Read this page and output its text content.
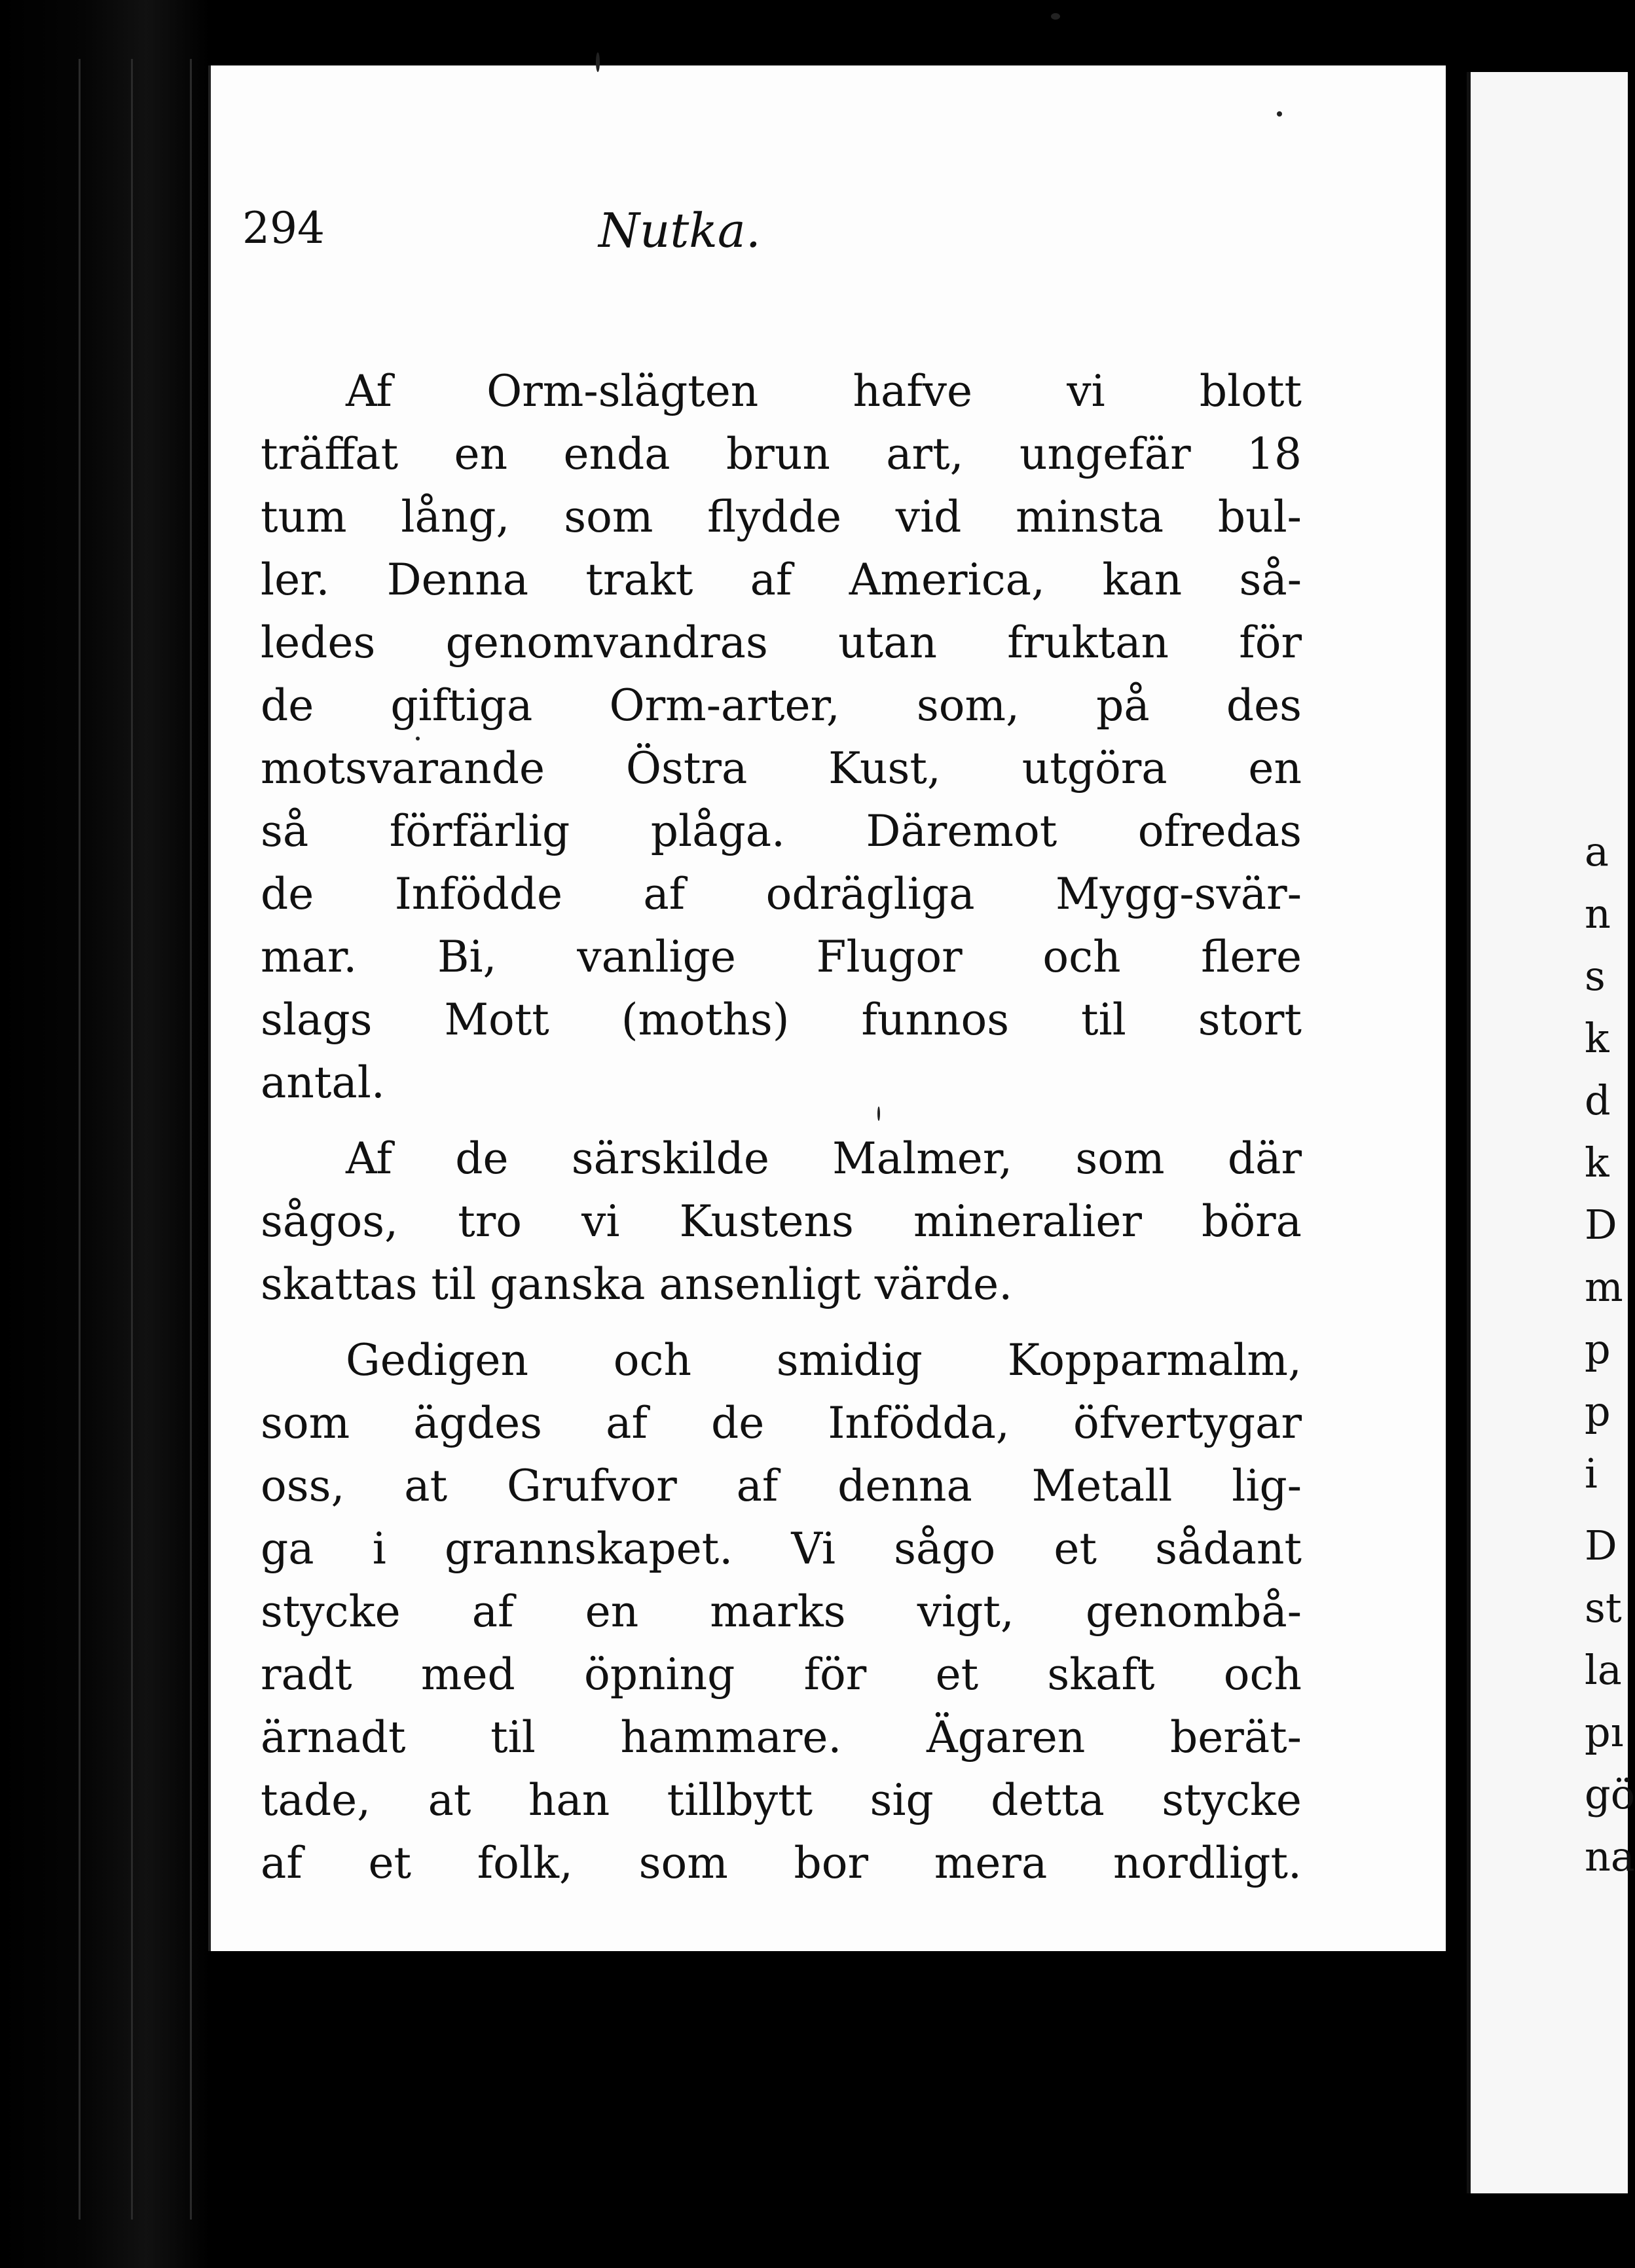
294	Nutka.
Af Orm-slägten hafve vi blott
träffat en enda brun art, ungefär 18
tum lång, som flydde vid minsta bul-
ler. Denna trakt af America, kan så-
ledes genomvandras utan fruktan för
de giftiga Orm-arter, som, på des
motsvarande Östra Kust, utgöra en
så förfärlig plåga. Däremot ofredas
de Infödde af odrägliga Mygg-svär-
mar. Bi, vanlige Flugor och flere
slags Mott (moths) funnos til stort
antal.
Af de särskilde Malmer, som där
sågos, tro vi Kustens mineralier böra
skattas til ganska ansenligt värde.
Gedigen och smidig Kopparmalm,
som ägdes af de Infödda, öfvertygar
oss, at Grufvor af denna Metall lig-
ga i grannskapet. Vi sågo et sådant
stycke af en marks vigt, genombå-
radt med öpning för et skaft och
ärnadt til hammare. Ägaren berät-
tade, at han tillbytt sig detta stycke
af et folk, som bor mera nordligt.
a
n
s
k
d
k
D
m
p
p
i
D
st
la
pı
gö
na
